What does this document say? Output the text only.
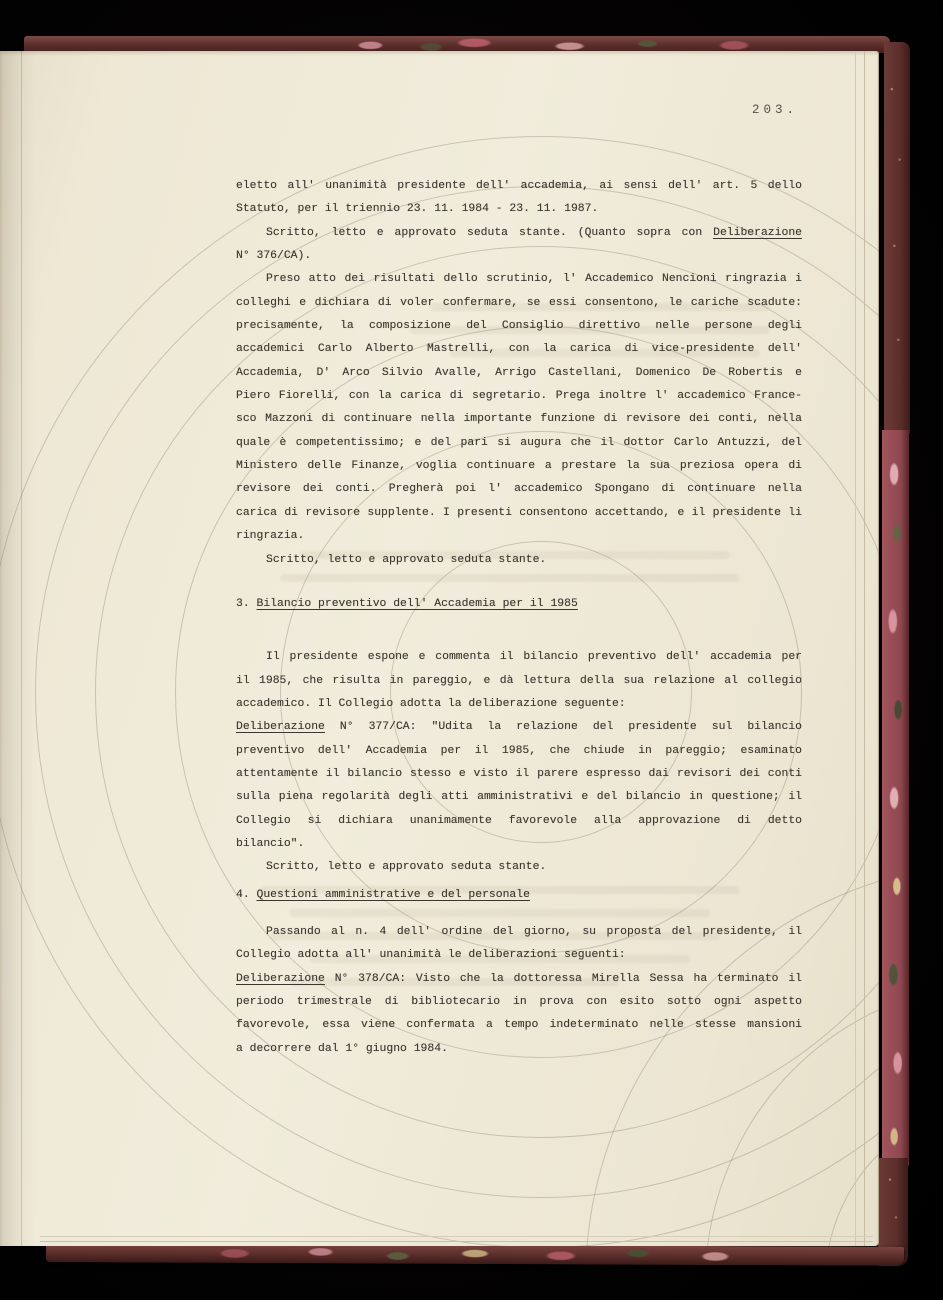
203.
eletto all' unanimità presidente dell' accademia, ai sensi dell' art. 5 dello
Statuto, per il triennio 23. 11. 1984 - 23. 11. 1987.
Scritto, letto e approvato seduta stante. (Quanto sopra con Deliberazione
N° 376/CA).
Preso atto dei risultati dello scrutinio, l' Accademico Nencioni ringrazia i
colleghi e dichiara di voler confermare, se essi consentono, le cariche scadute:
precisamente, la composizione del Consiglio direttivo nelle persone degli
accademici Carlo Alberto Mastrelli, con la carica di vice-presidente dell'
Accademia, D' Arco Silvio Avalle, Arrigo Castellani, Domenico De Robertis e
Piero Fiorelli, con la carica di segretario. Prega inoltre l' accademico France-
sco Mazzoni di continuare nella importante funzione di revisore dei conti, nella
quale è competentissimo; e del pari si augura che il dottor Carlo Antuzzi, del
Ministero delle Finanze, voglia continuare a prestare la sua preziosa opera di
revisore dei conti. Pregherà poi l' accademico Spongano di continuare nella
carica di revisore supplente. I presenti consentono accettando, e il presidente li
ringrazia.
Scritto, letto e approvato seduta stante.
3. Bilancio preventivo dell' Accademia per il 1985
Il presidente espone e commenta il bilancio preventivo dell' accademia per
il 1985, che risulta in pareggio, e dà lettura della sua relazione al collegio
accademico. Il Collegio adotta la deliberazione seguente:
Deliberazione N° 377/CA: "Udita la relazione del presidente sul bilancio
preventivo dell' Accademia per il 1985, che chiude in pareggio; esaminato
attentamente il bilancio stesso e visto il parere espresso dai revisori dei conti
sulla piena regolarità degli atti amministrativi e del bilancio in questione; il
Collegio si dichiara unanimamente favorevole alla approvazione di detto
bilancio".
Scritto, letto e approvato seduta stante.
4. Questioni amministrative e del personale
Passando al n. 4 dell' ordine del giorno, su proposta del presidente, il
Collegio adotta all' unanimità le deliberazioni seguenti:
Deliberazione N° 378/CA: Visto che la dottoressa Mirella Sessa ha terminato il
periodo trimestrale di bibliotecario in prova con esito sotto ogni aspetto
favorevole, essa viene confermata a tempo indeterminato nelle stesse mansioni
a decorrere dal 1° giugno 1984.
